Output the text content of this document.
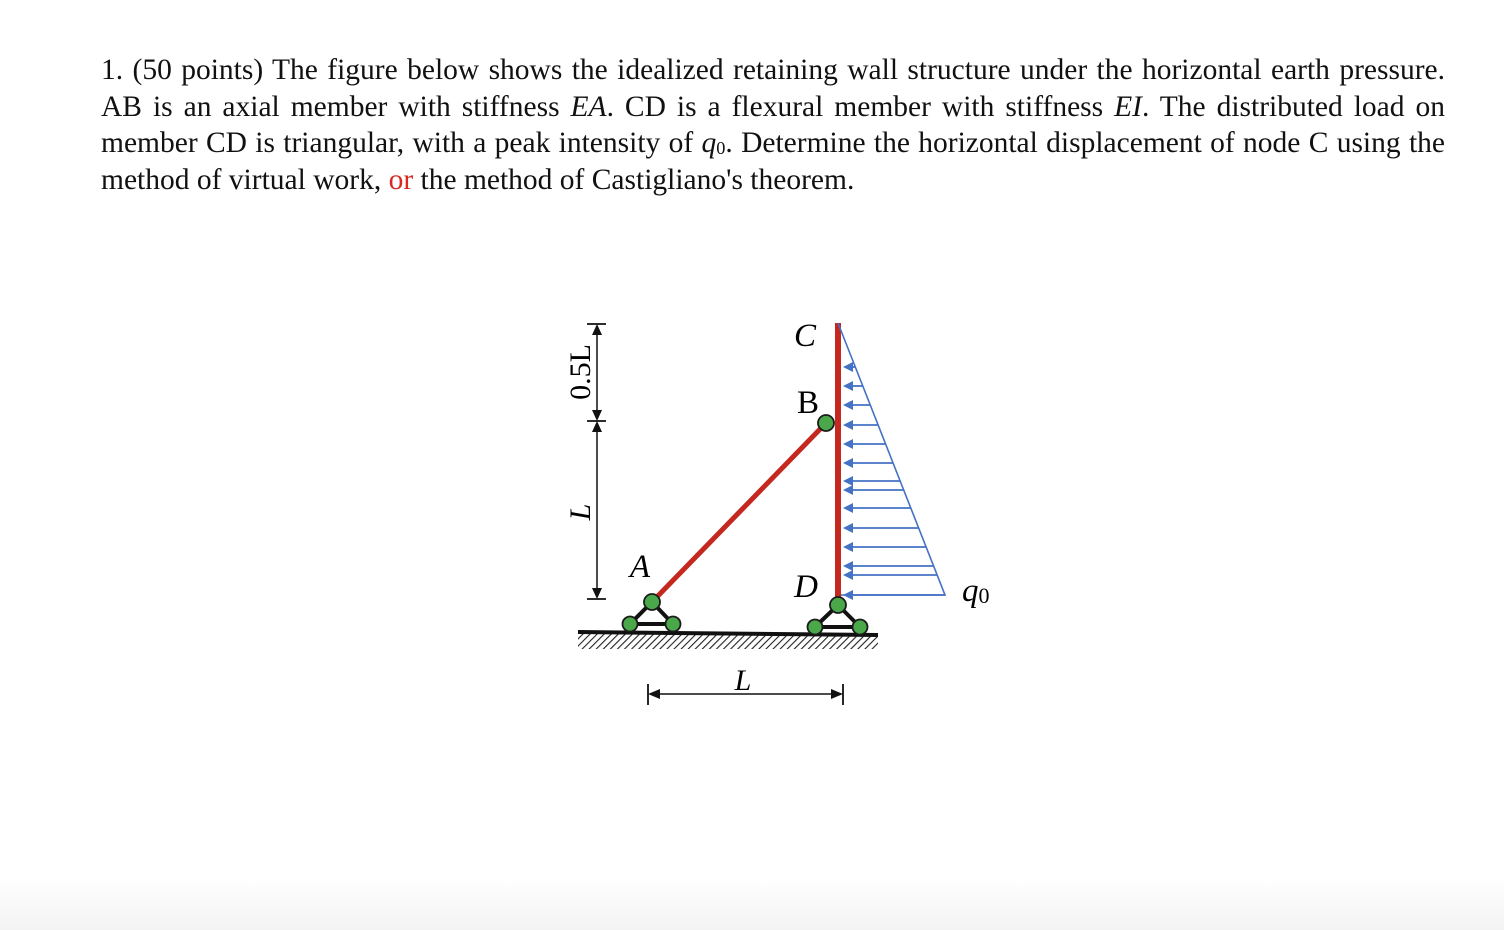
1. (50 points) The figure below shows the idealized retaining wall structure under the horizontal earth pressure. AB is an axial member with stiffness EA. CD is a flexural member with stiffness EI. The distributed load on member CD is triangular, with a peak intensity of $q_0$. Determine the horizontal displacement of node C using the method of virtual work, or the method of Castigliano's theorem.
C
B
A
D	q0
0.5L
L
L
